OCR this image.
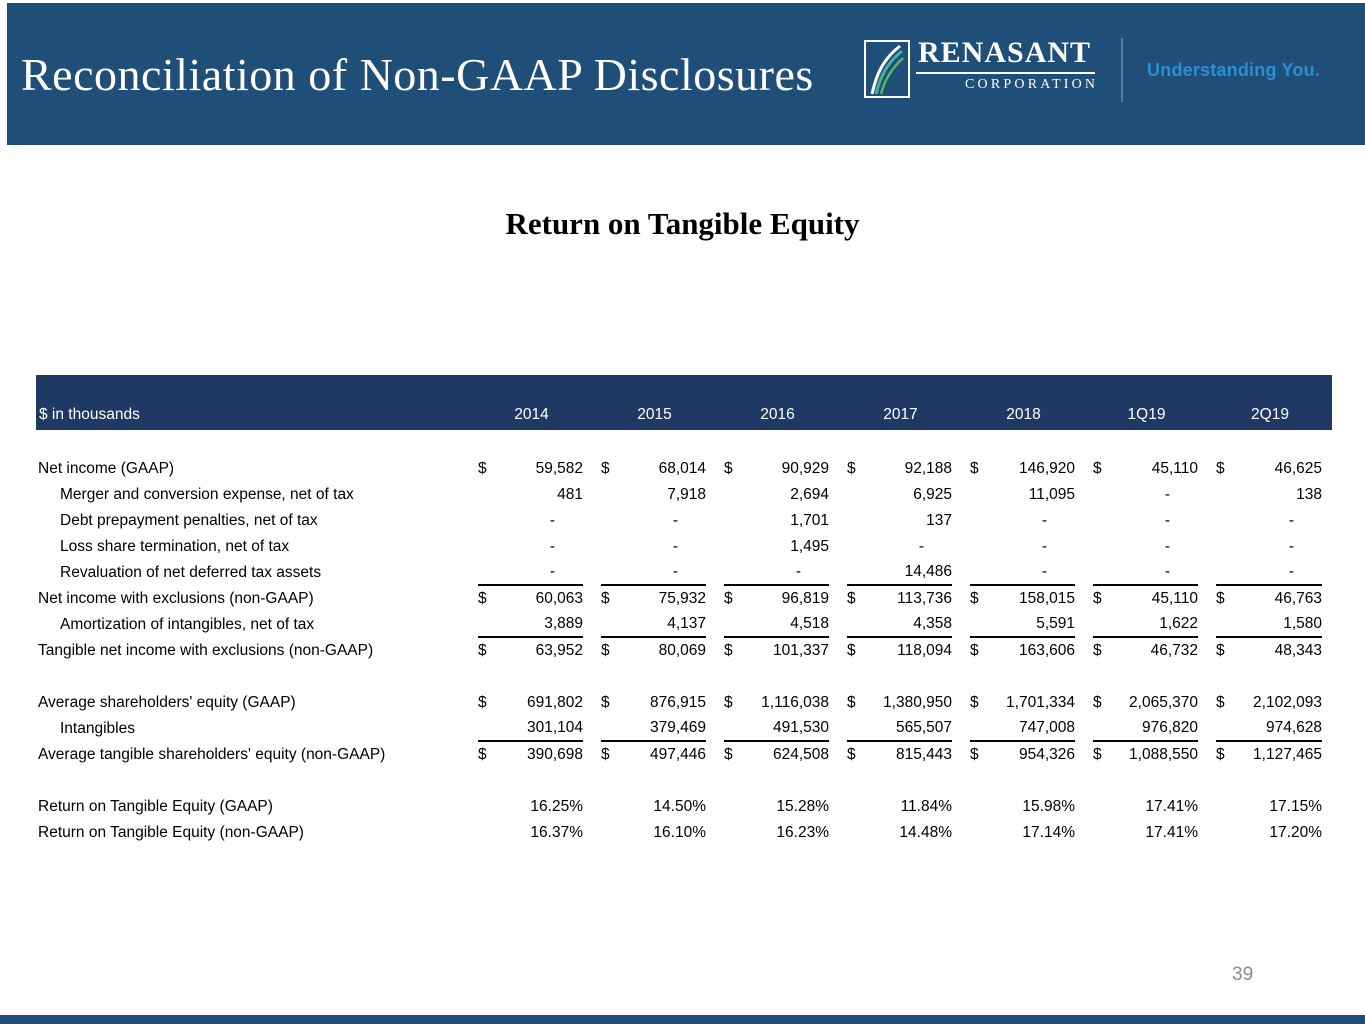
Reconciliation of Non-GAAP Disclosures	RENASANT
CORPORATION
Understanding You.
Return on Tangible Equity
$ in thousands	2014	2015	2016	2017	2018	1Q19	2Q19

Net income (GAAP)	$ 59,582	$ 68,014	$ 90,929	$ 92,188	$ 146,920	$ 45,110	$ 46,625

Merger and conversion expense, net of tax	481	7,918	2,694	6,925	11,095	-	138

Debt prepayment penalties, net of tax	-	-	1,701	137	-	-	-

Loss share termination, net of tax	-	-	1,495	-	-	-	-

Revaluation of net deferred tax assets	-	-	-	14,486	-	-	-

Net income with exclusions (non-GAAP)	$ 60,063	$ 75,932	$ 96,819	$ 113,736	$ 158,015	$ 45,110	$ 46,763

Amortization of intangibles, net of tax	3,889	4,137	4,518	4,358	5,591	1,622	1,580

Tangible net income with exclusions (non-GAAP)	$ 63,952	$ 80,069	$ 101,337	$ 118,094	$ 163,606	$ 46,732	$ 48,343

Average shareholders' equity (GAAP)	$ 691,802	$ 876,915	$ 1,116,038	$ 1,380,950	$ 1,701,334	$ 2,065,370	$ 2,102,093

Intangibles	301,104	379,469	491,530	565,507	747,008	976,820	974,628

Average tangible shareholders' equity (non-GAAP)	$ 390,698	$ 497,446	$ 624,508	$ 815,443	$ 954,326	$ 1,088,550	$ 1,127,465

Return on Tangible Equity (GAAP)	16.25%	14.50%	15.28%	11.84%	15.98%	17.41%	17.15%

Return on Tangible Equity (non-GAAP)	16.37%	16.10%	16.23%	14.48%	17.14%	17.41%	17.20%
39
